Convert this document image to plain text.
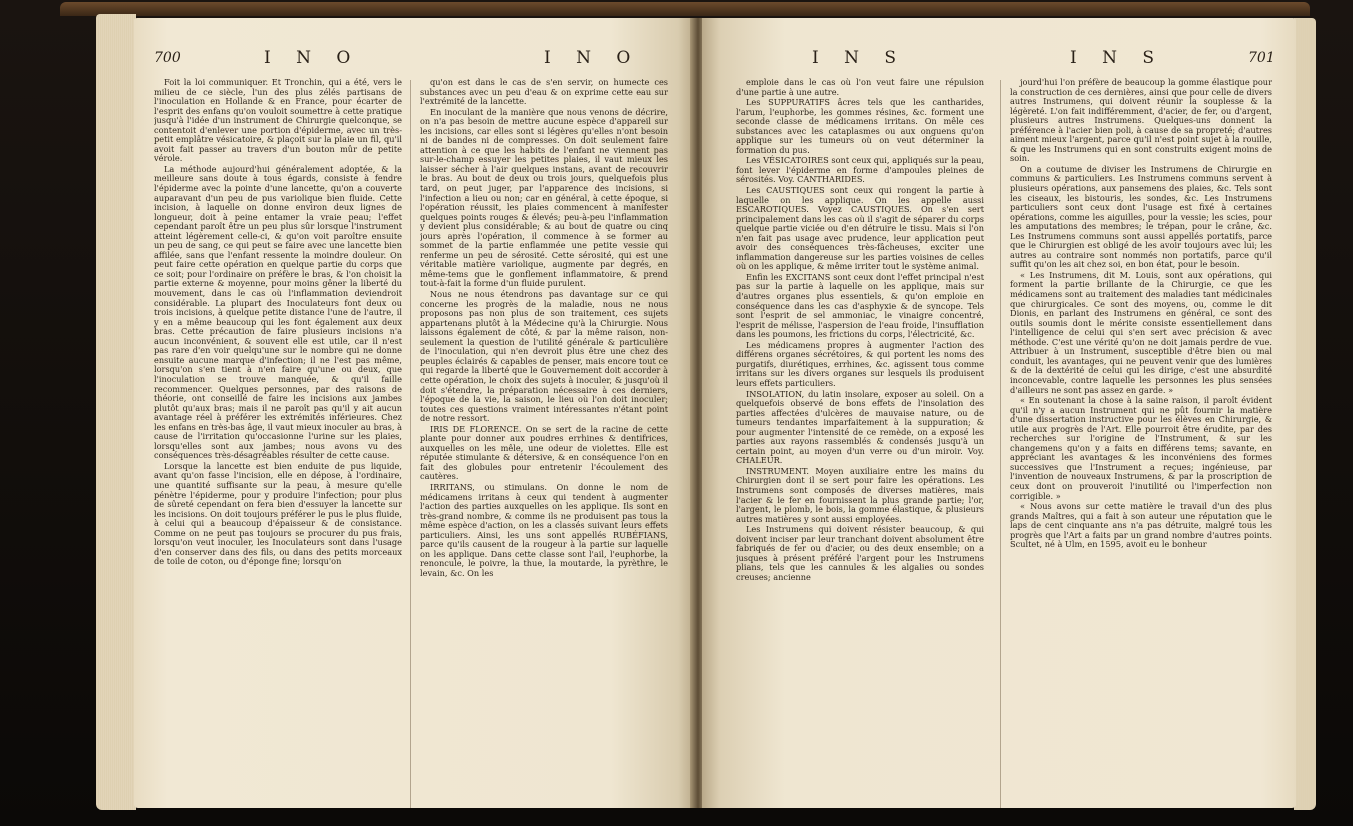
700	I N O	I N O

Foit la loi communiquer. Et Tronchin, qui a été, vers le milieu de ce siècle, l'un des plus zélés partisans de l'inoculation en Hollande & en France, pour écarter de l'esprit des enfans qu'on vouloit soumettre à cette pratique jusqu'à l'idée d'un instrument de Chirurgie quelconque, se contentoit d'enlever une portion d'épiderme, avec un très-petit emplâtre vésicatoire, & plaçoit sur la plaie un fil, qu'il avoit fait passer au travers d'un bouton mûr de petite vérole.

La méthode aujourd'hui généralement adoptée, & la meilleure sans doute à tous égards, consiste à fendre l'épiderme avec la pointe d'une lancette, qu'on a couverte auparavant d'un peu de pus variolique bien fluide. Cette incision, à laquelle on donne environ deux lignes de longueur, doit à peine entamer la vraie peau; l'effet cependant paroît être un peu plus sûr lorsque l'instrument atteint légèrement celle-ci, & qu'on voit paroître ensuite un peu de sang, ce qui peut se faire avec une lancette bien affilée, sans que l'enfant ressente la moindre douleur. On peut faire cette opération en quelque partie du corps que ce soit; pour l'ordinaire on préfère le bras, & l'on choisit la partie externe & moyenne, pour moins gêner la liberté du mouvement, dans le cas où l'inflammation deviendroit considérable. La plupart des Inoculateurs font deux ou trois incisions, à quelque petite distance l'une de l'autre, il y en a même beaucoup qui les font également aux deux bras. Cette précaution de faire plusieurs incisions n'a aucun inconvénient, & souvent elle est utile, car il n'est pas rare d'en voir quelqu'une sur le nombre qui ne donne ensuite aucune marque d'infection; il ne l'est pas même, lorsqu'on s'en tient à n'en faire qu'une ou deux, que l'inoculation se trouve manquée, & qu'il faille recommencer. Quelques personnes, par des raisons de théorie, ont conseillé de faire les incisions aux jambes plutôt qu'aux bras; mais il ne paroît pas qu'il y ait aucun avantage réel à préférer les extrémités inférieures. Chez les enfans en très-bas âge, il vaut mieux inoculer au bras, à cause de l'irritation qu'occasionne l'urine sur les plaies, lorsqu'elles sont aux jambes; nous avons vu des conséquences très-désagréables résulter de cette cause.

Lorsque la lancette est bien enduite de pus liquide, avant qu'on fasse l'incision, elle en dépose, à l'ordinaire, une quantité suffisante sur la peau, à mesure qu'elle pénètre l'épiderme, pour y produire l'infection; pour plus de sûreté cependant on fera bien d'essuyer la lancette sur les incisions. On doit toujours préférer le pus le plus fluide, à celui qui a beaucoup d'épaisseur & de consistance. Comme on ne peut pas toujours se procurer du pus frais, lorsqu'on veut inoculer, les Inoculateurs sont dans l'usage d'en conserver dans des fils, ou dans des petits morceaux de toile de coton, ou d'éponge fine; lorsqu'on

qu'on est dans le cas de s'en servir, on humecte ces substances avec un peu d'eau & on exprime cette eau sur l'extrémité de la lancette.

En inoculant de la manière que nous venons de décrire, on n'a pas besoin de mettre aucune espèce d'appareil sur les incisions, car elles sont si légères qu'elles n'ont besoin ni de bandes ni de compresses. On doit seulement faire attention à ce que les habits de l'enfant ne viennent pas sur-le-champ essuyer les petites plaies, il vaut mieux les laisser sécher à l'air quelques instans, avant de recouvrir le bras. Au bout de deux ou trois jours, quelquefois plus tard, on peut juger, par l'apparence des incisions, si l'infection a lieu ou non; car en général, à cette époque, si l'opération réussit, les plaies commencent à manifester quelques points rouges & élevés; peu-à-peu l'inflammation y devient plus considérable; & au bout de quatre ou cinq jours après l'opération, il commence à se former au sommet de la partie enflammée une petite vessie qui renferme un peu de sérosité. Cette sérosité, qui est une véritable matière variolique, augmente par degrés, en même-tems que le gonflement inflammatoire, & prend tout-à-fait la forme d'un fluide purulent.

Nous ne nous étendrons pas davantage sur ce qui concerne les progrès de la maladie, nous ne nous proposons pas non plus de son traitement, ces sujets appartenans plutôt à la Médecine qu'à la Chirurgie. Nous laissons également de côté, & par la même raison, non-seulement la question de l'utilité générale & particulière de l'inoculation, qui n'en devroit plus être une chez des peuples éclairés & capables de penser, mais encore tout ce qui regarde la liberté que le Gouvernement doit accorder à cette opération, le choix des sujets à inoculer, & jusqu'où il doit s'étendre, la préparation nécessaire à ces derniers, l'époque de la vie, la saison, le lieu où l'on doit inoculer; toutes ces questions vraiment intéressantes n'étant point de notre ressort.

IRIS DE FLORENCE. On se sert de la racine de cette plante pour donner aux poudres errhines & dentifrices, auxquelles on les mêle, une odeur de violettes. Elle est réputée stimulante & détersive, & en conséquence l'on en fait des globules pour entretenir l'écoulement des cautères.

IRRITANS, ou stimulans. On donne le nom de médicamens irritans à ceux qui tendent à augmenter l'action des parties auxquelles on les applique. Ils sont en très-grand nombre, & comme ils ne produisent pas tous la même espèce d'action, on les a classés suivant leurs effets particuliers. Ainsi, les uns sont appellés RUBÉFIANS, parce qu'ils causent de la rougeur à la partie sur laquelle on les applique. Dans cette classe sont l'ail, l'euphorbe, la renoncule, le poivre, la thue, la moutarde, la pyrèthre, le levain, &c. On les

I N S	I N S	701

emploie dans le cas où l'on veut faire une répulsion d'une partie à une autre.

Les SUPPURATIFS âcres tels que les cantharides, l'arum, l'euphorbe, les gommes résines, &c. forment une seconde classe de médicamens irritans. On mêle ces substances avec les cataplasmes ou aux onguens qu'on applique sur les tumeurs où on veut déterminer la formation du pus.

Les VÉSICATOIRES sont ceux qui, appliqués sur la peau, font lever l'épiderme en forme d'ampoules pleines de sérosités. Voy. CANTHARIDES.

Les CAUSTIQUES sont ceux qui rongent la partie à laquelle on les applique. On les appelle aussi ESCAROTIQUES. Voyez CAUSTIQUES. On s'en sert principalement dans les cas où il s'agit de séparer du corps quelque partie viciée ou d'en détruire le tissu. Mais si l'on n'en fait pas usage avec prudence, leur application peut avoir des conséquences très-fâcheuses, exciter une inflammation dangereuse sur les parties voisines de celles où on les applique, & même irriter tout le système animal.

Enfin les EXCITANS sont ceux dont l'effet principal n'est pas sur la partie à laquelle on les applique, mais sur d'autres organes plus essentiels, & qu'on emploie en conséquence dans les cas d'asphyxie & de syncope. Tels sont l'esprit de sel ammoniac, le vinaigre concentré, l'esprit de mélisse, l'aspersion de l'eau froide, l'insufflation dans les poumons, les frictions du corps, l'électricité, &c.

Les médicamens propres à augmenter l'action des différens organes sécrétoires, & qui portent les noms des purgatifs, diurétiques, errhines, &c. agissent tous comme irritans sur les divers organes sur lesquels ils produisent leurs effets particuliers.

INSOLATION, du latin insolare, exposer au soleil. On a quelquefois observé de bons effets de l'insolation des parties affectées d'ulcères de mauvaise nature, ou de tumeurs tendantes imparfaitement à la suppuration; & pour augmenter l'intensité de ce remède, on a exposé les parties aux rayons rassemblés & condensés jusqu'à un certain point, au moyen d'un verre ou d'un miroir. Voy. CHALEUR.

INSTRUMENT. Moyen auxiliaire entre les mains du Chirurgien dont il se sert pour faire les opérations. Les Instrumens sont composés de diverses matières, mais l'acier & le fer en fournissent la plus grande partie; l'or, l'argent, le plomb, le bois, la gomme élastique, & plusieurs autres matières y sont aussi employées.

Les Instrumens qui doivent résister beaucoup, & qui doivent inciser par leur tranchant doivent absolument être fabriqués de fer ou d'acier, ou des deux ensemble; on a jusques à présent préféré l'argent pour les Instrumens plians, tels que les cannules & les algalies ou sondes creuses; ancienne

jourd'hui l'on préfère de beaucoup la gomme élastique pour la construction de ces dernières, ainsi que pour celle de divers autres Instrumens, qui doivent réunir la souplesse & la légèreté. L'on fait indifféremment, d'acier, de fer, ou d'argent, plusieurs autres Instrumens. Quelques-uns donnent la préférence à l'acier bien poli, à cause de sa propreté; d'autres aiment mieux l'argent, parce qu'il n'est point sujet à la rouille, & que les Instrumens qui en sont construits exigent moins de soin.

On a coutume de diviser les Instrumens de Chirurgie en communs & particuliers. Les Instrumens communs servent à plusieurs opérations, aux pansemens des plaies, &c. Tels sont les ciseaux, les bistouris, les sondes, &c. Les Instrumens particuliers sont ceux dont l'usage est fixé à certaines opérations, comme les aiguilles, pour la vessie; les scies, pour les amputations des membres; le trépan, pour le crâne, &c. Les Instrumens communs sont aussi appellés portatifs, parce que le Chirurgien est obligé de les avoir toujours avec lui; les autres au contraire sont nommés non portatifs, parce qu'il suffit qu'on les ait chez soi, en bon état, pour le besoin.

« Les Instrumens, dit M. Louis, sont aux opérations, qui forment la partie brillante de la Chirurgie, ce que les médicamens sont au traitement des maladies tant médicinales que chirurgicales. Ce sont des moyens, ou, comme le dit Dionis, en parlant des Instrumens en général, ce sont des outils soumis dont le mérite consiste essentiellement dans l'intelligence de celui qui s'en sert avec précision & avec méthode. C'est une vérité qu'on ne doit jamais perdre de vue. Attribuer à un Instrument, susceptible d'être bien ou mal conduit, les avantages, qui ne peuvent venir que des lumières & de la dextérité de celui qui les dirige, c'est une absurdité inconcevable, contre laquelle les personnes les plus sensées d'ailleurs ne sont pas assez en garde. »

« En soutenant la chose à la saine raison, il paroît évident qu'il n'y a aucun Instrument qui ne pût fournir la matière d'une dissertation instructive pour les élèves en Chirurgie, & utile aux progrès de l'Art. Elle pourroit être érudite, par des recherches sur l'origine de l'Instrument, & sur les changemens qu'on y a faits en différens tems; savante, en appréciant les avantages & les inconvéniens des formes successives que l'Instrument a reçues; ingénieuse, par l'invention de nouveaux Instrumens, & par la proscription de ceux dont on prouveroit l'inutilité ou l'imperfection non corrigible. »

« Nous avons sur cette matière le travail d'un des plus grands Maîtres, qui a fait à son auteur une réputation que le laps de cent cinquante ans n'a pas détruite, malgré tous les progrès que l'Art a faits par un grand nombre d'autres points. Scultet, né à Ulm, en 1595, avoit eu le bonheur
